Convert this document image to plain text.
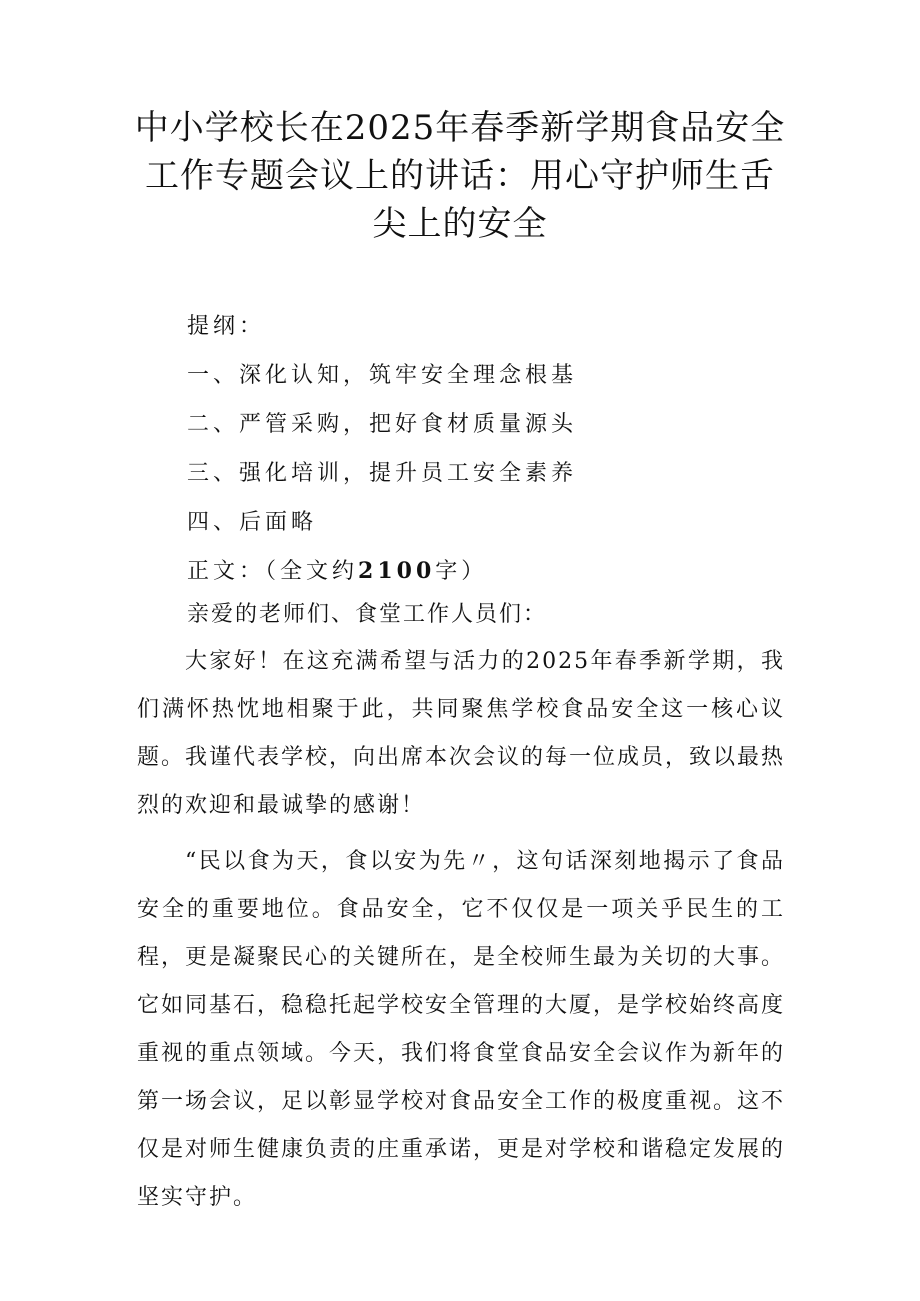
中小学校长在2025年春季新学期食品安全
工作专题会议上的讲话：用心守护师生舌
尖上的安全
提纲：
一、深化认知，筑牢安全理念根基
二、严管采购，把好食材质量源头
三、强化培训，提升员工安全素养
四、后面略
正文：（全文约2100字）
亲爱的老师们、食堂工作人员们：

大家好！在这充满希望与活力的2025年春季新学期，我们满怀热忱地相聚于此，共同聚焦学校食品安全这一核心议题。我谨代表学校，向出席本次会议的每一位成员，致以最热烈的欢迎和最诚挚的感谢！

“民以食为天，食以安为先〃，这句话深刻地揭示了食品安全的重要地位。食品安全，它不仅仅是一项关乎民生的工程，更是凝聚民心的关键所在，是全校师生最为关切的大事。它如同基石，稳稳托起学校安全管理的大厦，是学校始终高度重视的重点领域。今天，我们将食堂食品安全会议作为新年的第一场会议，足以彰显学校对食品安全工作的极度重视。这不仅是对师生健康负责的庄重承诺，更是对学校和谐稳定发展的坚实守护。
